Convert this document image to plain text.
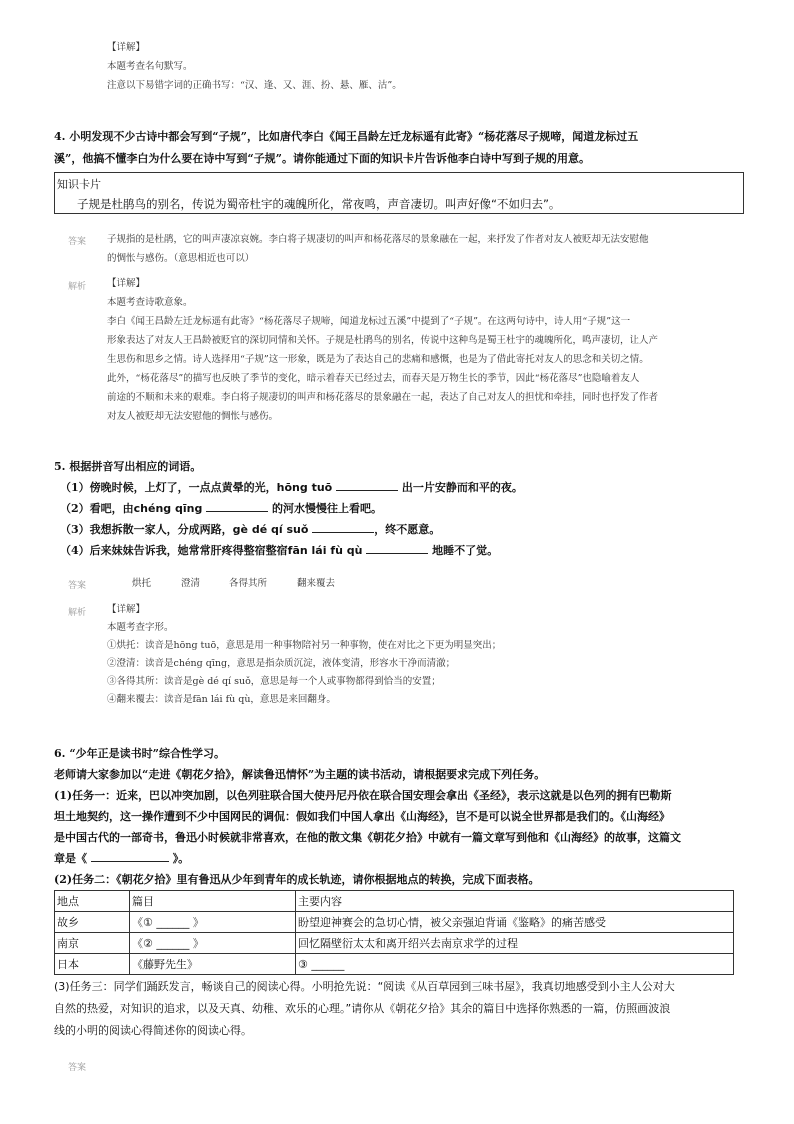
【详解】
本题考查名句默写。
注意以下易错字词的正确书写：“汉、逢、又、涯、扮、悬、雁、沽”。
4. 小明发现不少古诗中都会写到“子规”，比如唐代李白《闻王昌龄左迁龙标遥有此寄》“杨花落尽子规啼，闻道龙标过五
溪”，他搞不懂李白为什么要在诗中写到“子规”。请你能通过下面的知识卡片告诉他李白诗中写到子规的用意。
知识卡片
子规是杜鹃鸟的别名，传说为蜀帝杜宇的魂魄所化，常夜鸣，声音凄切。叫声好像“不如归去”。
答案 子规指的是杜鹃，它的叫声凄凉哀婉。李白将子规凄切的叫声和杨花落尽的景象融在一起，来抒发了作者对友人被贬却无法安慰他
的惆怅与感伤。（意思相近也可以）
解析 【详解】
本题考查诗歌意象。
李白《闻王昌龄左迁龙标遥有此寄》“杨花落尽子规啼，闻道龙标过五溪”中提到了“子规”。在这两句诗中，诗人用“子规”这一
形象表达了对友人王昌龄被贬官的深切同情和关怀。子规是杜鹃鸟的别名，传说中这种鸟是蜀王杜宇的魂魄所化，鸣声凄切，让人产
生思伤和思乡之情。诗人选择用“子规”这一形象，既是为了表达自己的悲痛和感慨，也是为了借此寄托对友人的思念和关切之情。
此外，“杨花落尽”的描写也反映了季节的变化，暗示着春天已经过去，而春天是万物生长的季节，因此“杨花落尽”也隐喻着友人
前途的不顺和未来的艰难。李白将子规凄切的叫声和杨花落尽的景象融在一起，表达了自己对友人的担忧和牵挂，同时也抒发了作者
对友人被贬却无法安慰他的惆怅与感伤。
5. 根据拼音写出相应的词语。
（1）傍晚时候，上灯了，一点点黄晕的光，hōng tuō	出一片安静而和平的夜。
（2）看吧，由chéng qīng	的河水慢慢往上看吧。
（3）我想拆散一家人，分成两路，gè dé qí suǒ	，终不愿意。
（4）后来妹妹告诉我，她常常肝疼得整宿整宿fān lái fù qù	地睡不了觉。
答案	烘托	澄清	各得其所	翻来覆去
解析 【详解】
本题考查字形。
①烘托：读音是hōng tuō，意思是用一种事物陪衬另一种事物，使在对比之下更为明显突出；
②澄清：读音是chéng qīng，意思是指杂质沉淀，液体变清，形容水干净而清澈；
③各得其所：读音是gè dé qí suǒ，意思是每一个人或事物都得到恰当的安置；
④翻来覆去：读音是fān lái fù qù，意思是来回翻身。
6. “少年正是读书时”综合性学习。
老师请大家参加以“走进《朝花夕拾》，解读鲁迅情怀”为主题的读书活动，请根据要求完成下列任务。
(1)任务一：近来，巴以冲突加剧，以色列驻联合国大使丹尼丹依在联合国安理会拿出《圣经》，表示这就是以色列的拥有巴勒斯
坦土地契约，这一操作遭到不少中国网民的调侃：假如我们中国人拿出《山海经》，岂不是可以说全世界都是我们的。《山海经》
是中国古代的一部奇书，鲁迅小时候就非常喜欢，在他的散文集《朝花夕拾》中就有一篇文章写到他和《山海经》的故事，这篇文
章是《	》。
(2)任务二：《朝花夕拾》里有鲁迅从少年到青年的成长轨迹，请你根据地点的转换，完成下面表格。
地点	篇目	主要内容
故乡	《① ______ 》	盼望迎神赛会的急切心情，被父亲强迫背诵《鉴略》的痛苦感受
南京	《② ______ 》	回忆隔壁衍太太和离开绍兴去南京求学的过程
日本	《藤野先生》	③ ______
(3)任务三：同学们踊跃发言，畅谈自己的阅读心得。小明抢先说：“阅读《从百草园到三味书屋》，我真切地感受到小主人公对大
自然的热爱，对知识的追求，以及天真、幼稚、欢乐的心理。”请你从《朝花夕拾》其余的篇目中选择你熟悉的一篇，仿照画波浪
线的小明的阅读心得简述你的阅读心得。
答案
